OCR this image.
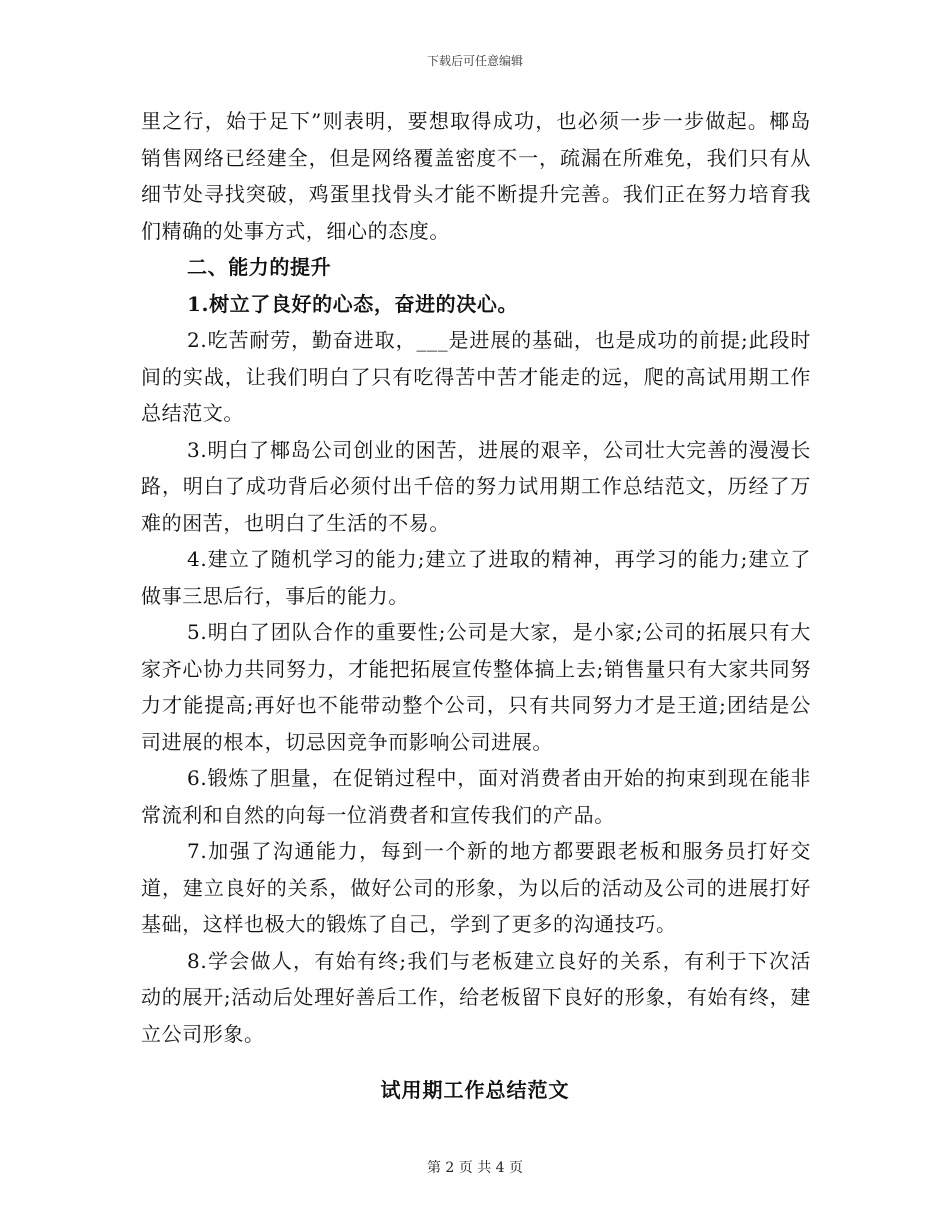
下载后可任意编辑

里之行，始于足下”则表明，要想取得成功，也必须一步一步做起。椰岛销售网络已经建全，但是网络覆盖密度不一，疏漏在所难免，我们只有从细节处寻找突破，鸡蛋里找骨头才能不断提升完善。我们正在努力培育我们精确的处事方式，细心的态度。

二、能力的提升

1.树立了良好的心态，奋进的决心。

2.吃苦耐劳，勤奋进取，___是进展的基础，也是成功的前提;此段时间的实战，让我们明白了只有吃得苦中苦才能走的远，爬的高试用期工作总结范文。

3.明白了椰岛公司创业的困苦，进展的艰辛，公司壮大完善的漫漫长路，明白了成功背后必须付出千倍的努力试用期工作总结范文，历经了万难的困苦，也明白了生活的不易。

4.建立了随机学习的能力;建立了进取的精神，再学习的能力;建立了做事三思后行，事后的能力。

5.明白了团队合作的重要性;公司是大家，是小家;公司的拓展只有大家齐心协力共同努力，才能把拓展宣传整体搞上去;销售量只有大家共同努力才能提高;再好也不能带动整个公司，只有共同努力才是王道;团结是公司进展的根本，切忌因竞争而影响公司进展。

6.锻炼了胆量，在促销过程中，面对消费者由开始的拘束到现在能非常流利和自然的向每一位消费者和宣传我们的产品。

7.加强了沟通能力，每到一个新的地方都要跟老板和服务员打好交道，建立良好的关系，做好公司的形象，为以后的活动及公司的进展打好基础，这样也极大的锻炼了自己，学到了更多的沟通技巧。

8.学会做人，有始有终;我们与老板建立良好的关系，有利于下次活动的展开;活动后处理好善后工作，给老板留下良好的形象，有始有终，建立公司形象。

试用期工作总结范文
第 2 页 共 4 页
